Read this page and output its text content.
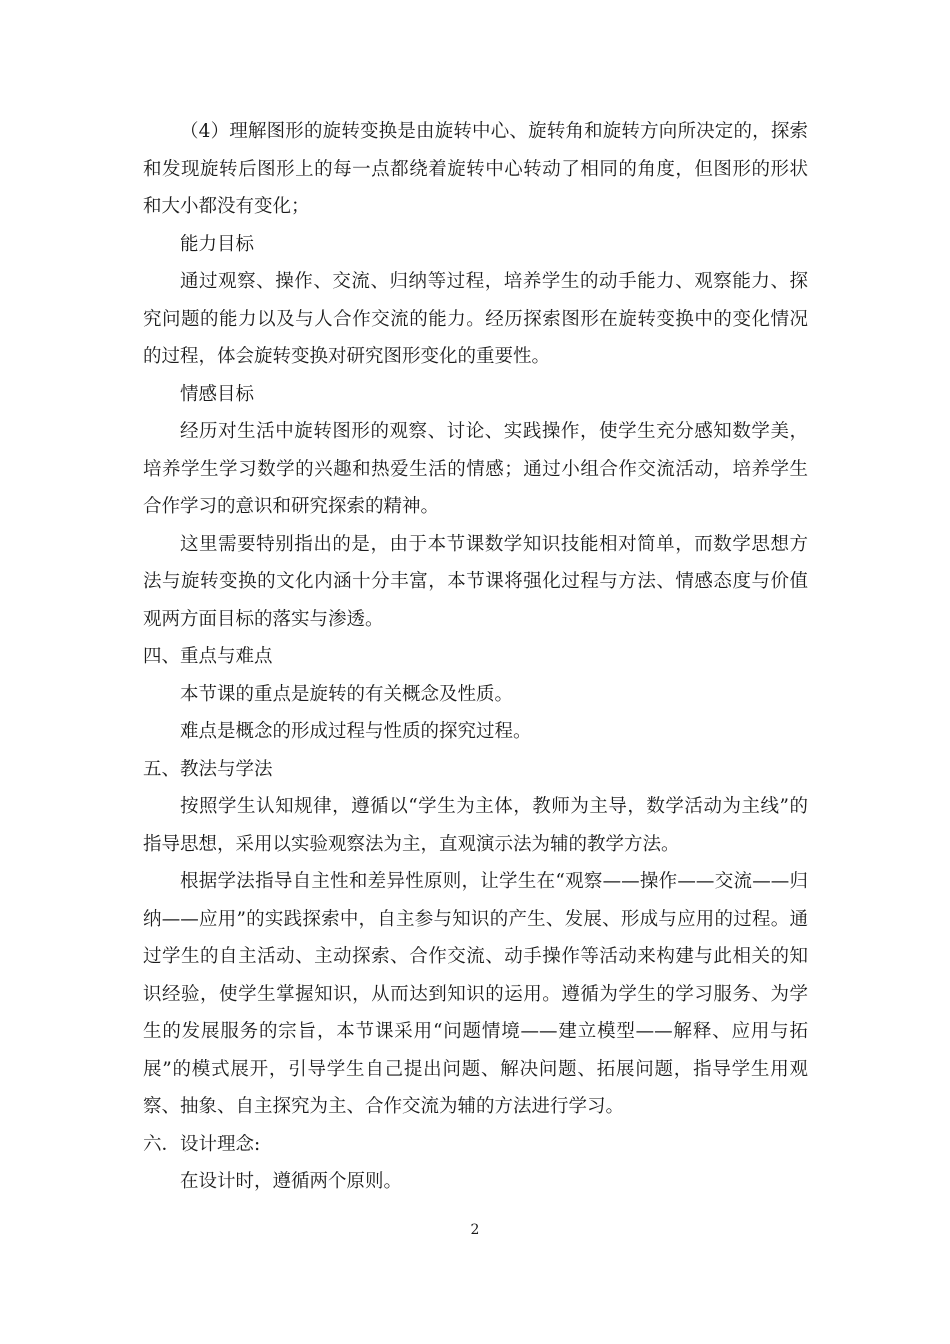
（4）理解图形的旋转变换是由旋转中心、旋转角和旋转方向所决定的，探索和发现旋转后图形上的每一点都绕着旋转中心转动了相同的角度，但图形的形状和大小都没有变化；

能力目标

通过观察、操作、交流、归纳等过程，培养学生的动手能力、观察能力、探究问题的能力以及与人合作交流的能力。经历探索图形在旋转变换中的变化情况的过程，体会旋转变换对研究图形变化的重要性。

情感目标

经历对生活中旋转图形的观察、讨论、实践操作，使学生充分感知数学美，培养学生学习数学的兴趣和热爱生活的情感；通过小组合作交流活动，培养学生合作学习的意识和研究探索的精神。

这里需要特别指出的是，由于本节课数学知识技能相对简单，而数学思想方法与旋转变换的文化内涵十分丰富，本节课将强化过程与方法、情感态度与价值观两方面目标的落实与渗透。

四、重点与难点

本节课的重点是旋转的有关概念及性质。

难点是概念的形成过程与性质的探究过程。

五、教法与学法

按照学生认知规律，遵循以“学生为主体，教师为主导，数学活动为主线”的指导思想，采用以实验观察法为主，直观演示法为辅的教学方法。

根据学法指导自主性和差异性原则，让学生在“观察——操作——交流——归纳——应用”的实践探索中，自主参与知识的产生、发展、形成与应用的过程。通过学生的自主活动、主动探索、合作交流、动手操作等活动来构建与此相关的知识经验，使学生掌握知识，从而达到知识的运用。遵循为学生的学习服务、为学生的发展服务的宗旨，本节课采用“问题情境——建立模型——解释、应用与拓展”的模式展开，引导学生自己提出问题、解决问题、拓展问题，指导学生用观察、抽象、自主探究为主、合作交流为辅的方法进行学习。

六．设计理念:

在设计时，遵循两个原则。

2
